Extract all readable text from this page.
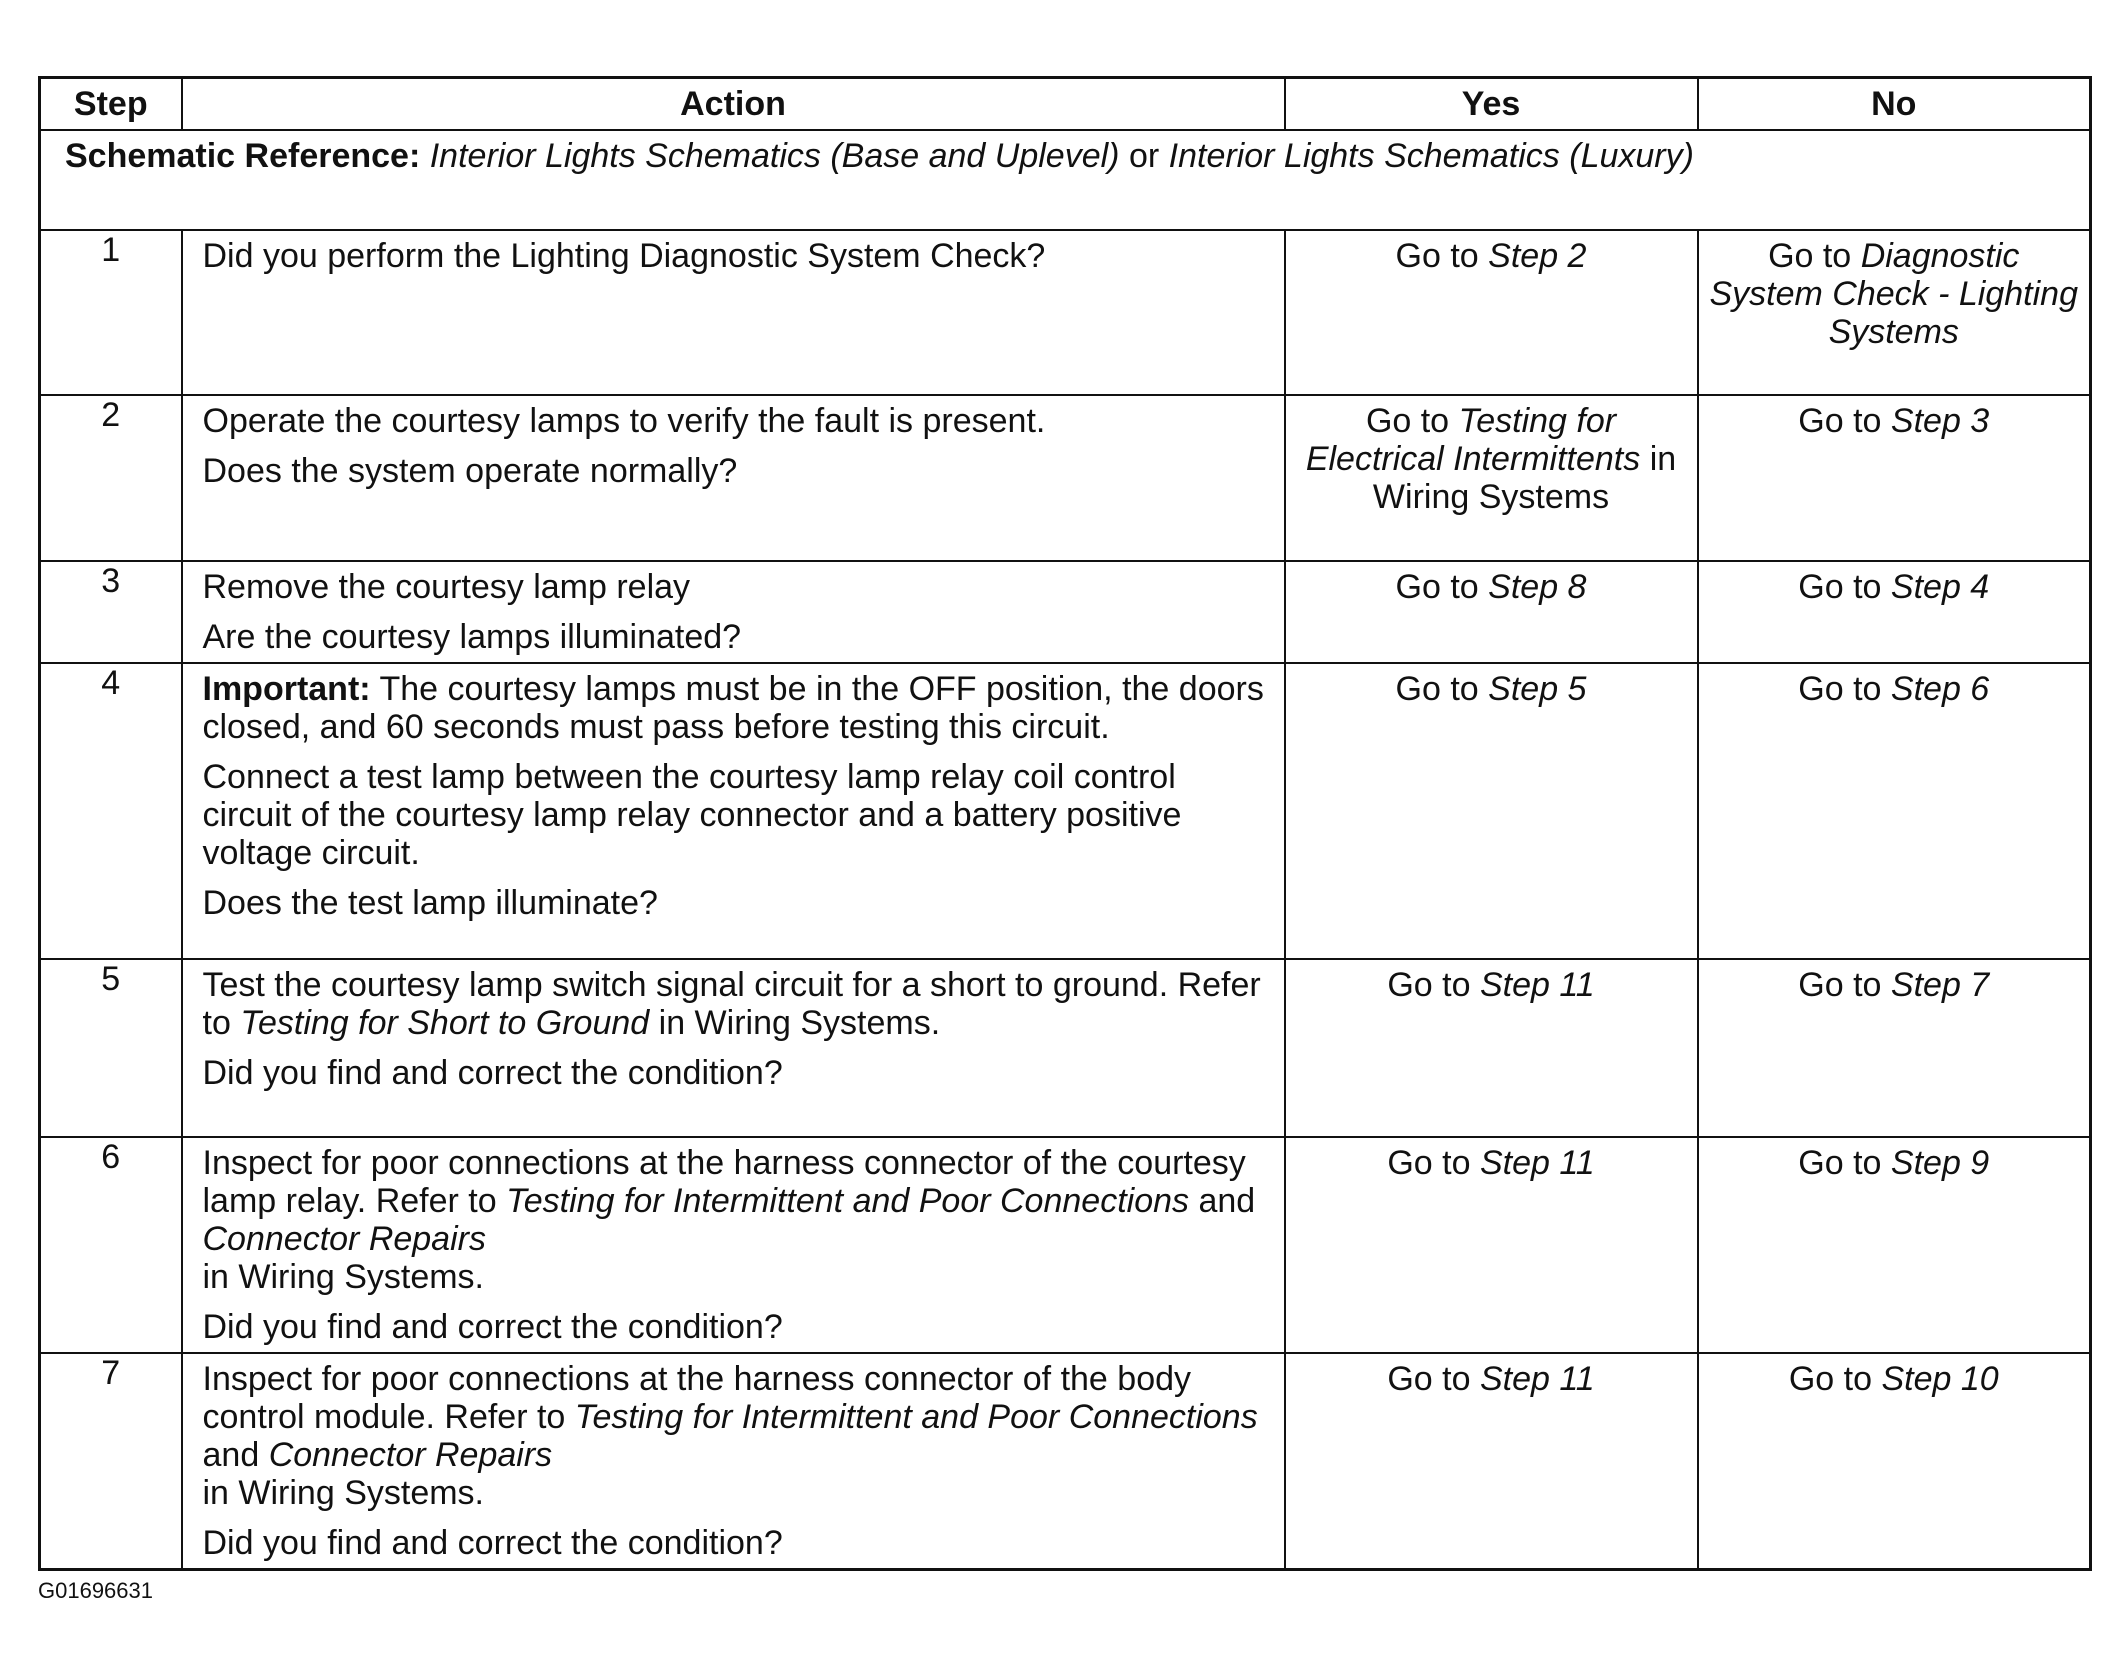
Step	Action	Yes	No
Schematic Reference: Interior Lights Schematics (Base and Uplevel) or Interior Lights Schematics (Luxury)			
1	Did you perform the Lighting Diagnostic System Check?	Go to Step 2	Go to Diagnostic System Check - Lighting Systems
2	Operate the courtesy lamps to verify the fault is present.

Does the system operate normally?	Go to Testing for Electrical Intermittents in Wiring Systems	Go to Step 3
3	Remove the courtesy lamp relay

Are the courtesy lamps illuminated?	Go to Step 8	Go to Step 4
4	Important: The courtesy lamps must be in the OFF position, the doors closed, and 60 seconds must pass before testing this circuit.

Connect a test lamp between the courtesy lamp relay coil control circuit of the courtesy lamp relay connector and a battery positive voltage circuit.

Does the test lamp illuminate?	Go to Step 5	Go to Step 6
5	Test the courtesy lamp switch signal circuit for a short to ground. Refer to Testing for Short to Ground in Wiring Systems.

Did you find and correct the condition?	Go to Step 11	Go to Step 7
6	Inspect for poor connections at the harness connector of the courtesy lamp relay. Refer to Testing for Intermittent and Poor Connections and Connector Repairs
in Wiring Systems.

Did you find and correct the condition?	Go to Step 11	Go to Step 9
7	Inspect for poor connections at the harness connector of the body control module. Refer to Testing for Intermittent and Poor Connections and Connector Repairs
in Wiring Systems.

Did you find and correct the condition?	Go to Step 11	Go to Step 10
G01696631
